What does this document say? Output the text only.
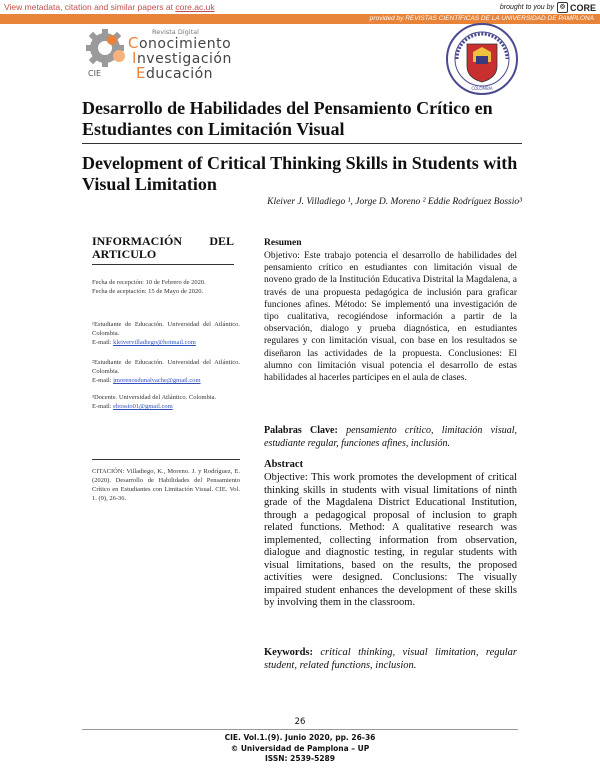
View metadata, citation and similar papers at core.ac.uk	brought to you by ◎ CORE
provided by REVISTAS CIENTÍFICAS DE LA UNIVERSIDAD DE PAMPLONA
CIE
Revista Digital
Conocimiento
Investigación
Educación
COLOMBIA
Desarrollo de Habilidades del Pensamiento Crítico en Estudiantes con Limitación Visual
Development of Critical Thinking Skills in Students with Visual Limitation
Kleiver J. Villadiego ¹, Jorge D. Moreno ² Eddie Rodríguez Bossio³
INFORMACIÓN DEL
ARTICULO
Fecha de recepción: 10 de Febrero de 2020.
Fecha de aceptación: 15 de Mayo de 2020.
¹Estudiante de Educación. Universidad del Atlántico. Colombia.
E-mail: kleivervilladiego@hotmail.com
²Estudiante de Educación. Universidad del Atlántico. Colombia.
E-mail: jmorenosdunalvache@gmail.com
³Docente. Universidad del Atlántico. Colombia.
E-mail: ebossio01@gmail.com
CITACIÓN: Villadiego, K., Moreno. J. y Rodríguez, E. (2020). Desarrollo de Habilidades del Pensamiento Crítico en Estudiantes con Limitación Visual. CIE. Vol. 1. (9), 26-36.
Resumen
Objetivo: Este trabajo potencia el desarrollo de habilidades del pensamiento crítico en estudiantes con limitación visual de noveno grado de la Institución Educativa Distrital la Magdalena, a través de una propuesta pedagógica de inclusión para graficar funciones afines. Método: Se implementó una investigación de tipo cualitativa, recogiéndose información a partir de la observación, dialogo y prueba diagnóstica, en estudiantes regulares y con limitación visual, con base en los resultados se diseñaron las actividades de la propuesta. Conclusiones: El alumno con limitación visual potencia el desarrollo de estas habilidades al hacerles partícipes en el aula de clases.
Palabras Clave: pensamiento crítico, limitación visual, estudiante regular, funciones afines, inclusión.
Abstract
Objective: This work promotes the development of critical thinking skills in students with visual limitations of ninth grade of the Magdalena District Educational Institution, through a pedagogical proposal of inclusion to graph related functions. Method: A qualitative research was implemented, collecting information from observation, dialogue and diagnostic testing, in regular students with visual limitations, based on the results, the proposed activities were designed. Conclusions: The visually impaired student enhances the development of these skills by involving them in the classroom.
Keywords: critical thinking, visual limitation, regular student, related functions, inclusion.
26
CIE. Vol.1.(9). Junio 2020, pp. 26-36
© Universidad de Pamplona – UP
ISSN: 2539-5289
